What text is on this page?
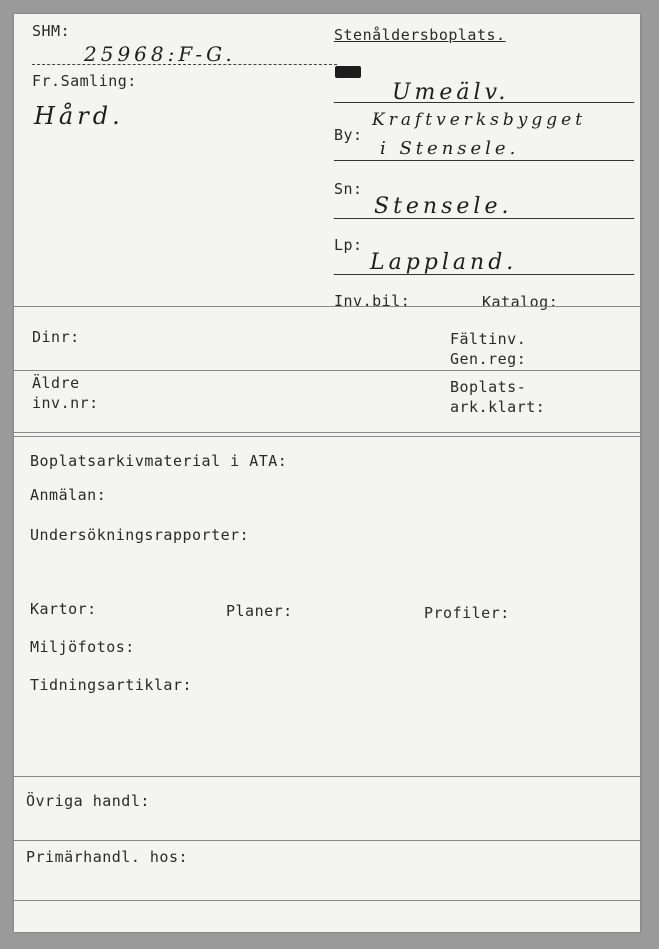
SHM:
25968:F-G.
Fr.Samling:
Hård.
Stenåldersboplats.
Umeälv.
By:
Kraftverksbygget
i Stensele.
Sn:
Stensele.
Lp:
Lappland.
Inv.bil:	Katalog:
Dinr:	Fältinv.
Gen.reg:
Äldre
inv.nr:
Boplats-
ark.klart:
Boplatsarkivmaterial i ATA:
Anmälan:
Undersökningsrapporter:
Kartor:	Planer:	Profiler:
Miljöfotos:
Tidningsartiklar:
Övriga handl:
Primärhandl. hos:
